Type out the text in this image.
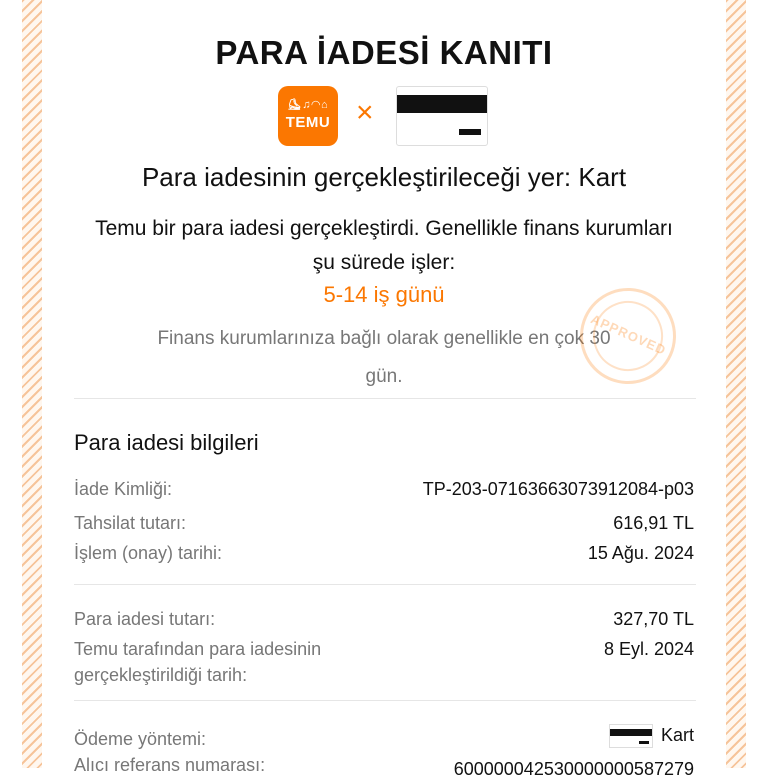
PARA İADESİ KANITI
⛸♫◠⌂
TEMU ×
Para iadesinin gerçekleştirileceği yer: Kart
Temu bir para iadesi gerçekleştirdi. Genellikle finans kurumları
şu sürede işler:
5-14 iş günü
Finans kurumlarınıza bağlı olarak genellikle en çok 30
gün.
APPROVED
Para iadesi bilgileri
İade Kimliği:	TP-203-07163663073912084-p03
Tahsilat tutarı:	616,91 TL
İşlem (onay) tarihi:	15 Ağu. 2024
Para iadesi tutarı:	327,70 TL
Temu tarafından para iadesinin
gerçekleştirildiği tarih:
8 Eyl. 2024
Ödeme yöntemi:	Kart
Alıcı referans numarası:	600000042530000000587279
